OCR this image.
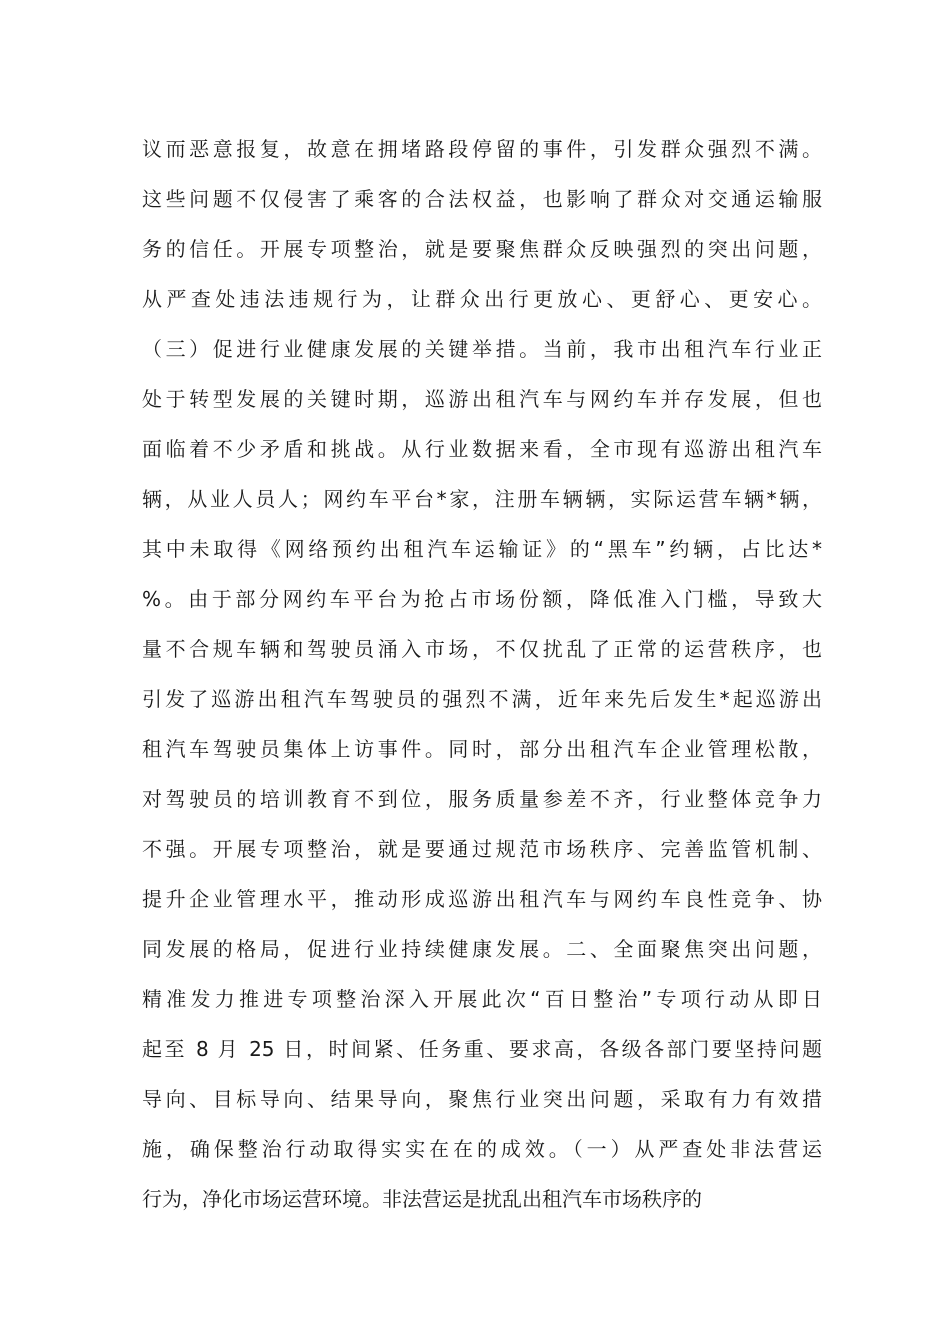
议而恶意报复，故意在拥堵路段停留的事件，引发群众强烈不满。
这些问题不仅侵害了乘客的合法权益，也影响了群众对交通运输服
务的信任。开展专项整治，就是要聚焦群众反映强烈的突出问题，
从严查处违法违规行为，让群众出行更放心、更舒心、更安心。
（三）促进行业健康发展的关键举措。当前，我市出租汽车行业正
处于转型发展的关键时期，巡游出租汽车与网约车并存发展，但也
面临着不少矛盾和挑战。从行业数据来看，全市现有巡游出租汽车
辆，从业人员人；网约车平台*家，注册车辆辆，实际运营车辆*辆，
其中未取得《网络预约出租汽车运输证》的“黑车”约辆，占比达*
%。由于部分网约车平台为抢占市场份额，降低准入门槛，导致大
量不合规车辆和驾驶员涌入市场，不仅扰乱了正常的运营秩序，也
引发了巡游出租汽车驾驶员的强烈不满，近年来先后发生*起巡游出
租汽车驾驶员集体上访事件。同时，部分出租汽车企业管理松散，
对驾驶员的培训教育不到位，服务质量参差不齐，行业整体竞争力
不强。开展专项整治，就是要通过规范市场秩序、完善监管机制、
提升企业管理水平，推动形成巡游出租汽车与网约车良性竞争、协
同发展的格局，促进行业持续健康发展。二、全面聚焦突出问题，
精准发力推进专项整治深入开展此次“百日整治”专项行动从即日
起至 8 月 25 日，时间紧、任务重、要求高，各级各部门要坚持问题
导向、目标导向、结果导向，聚焦行业突出问题，采取有力有效措
施，确保整治行动取得实实在在的成效。（一）从严查处非法营运
行为，净化市场运营环境。非法营运是扰乱出租汽车市场秩序的
